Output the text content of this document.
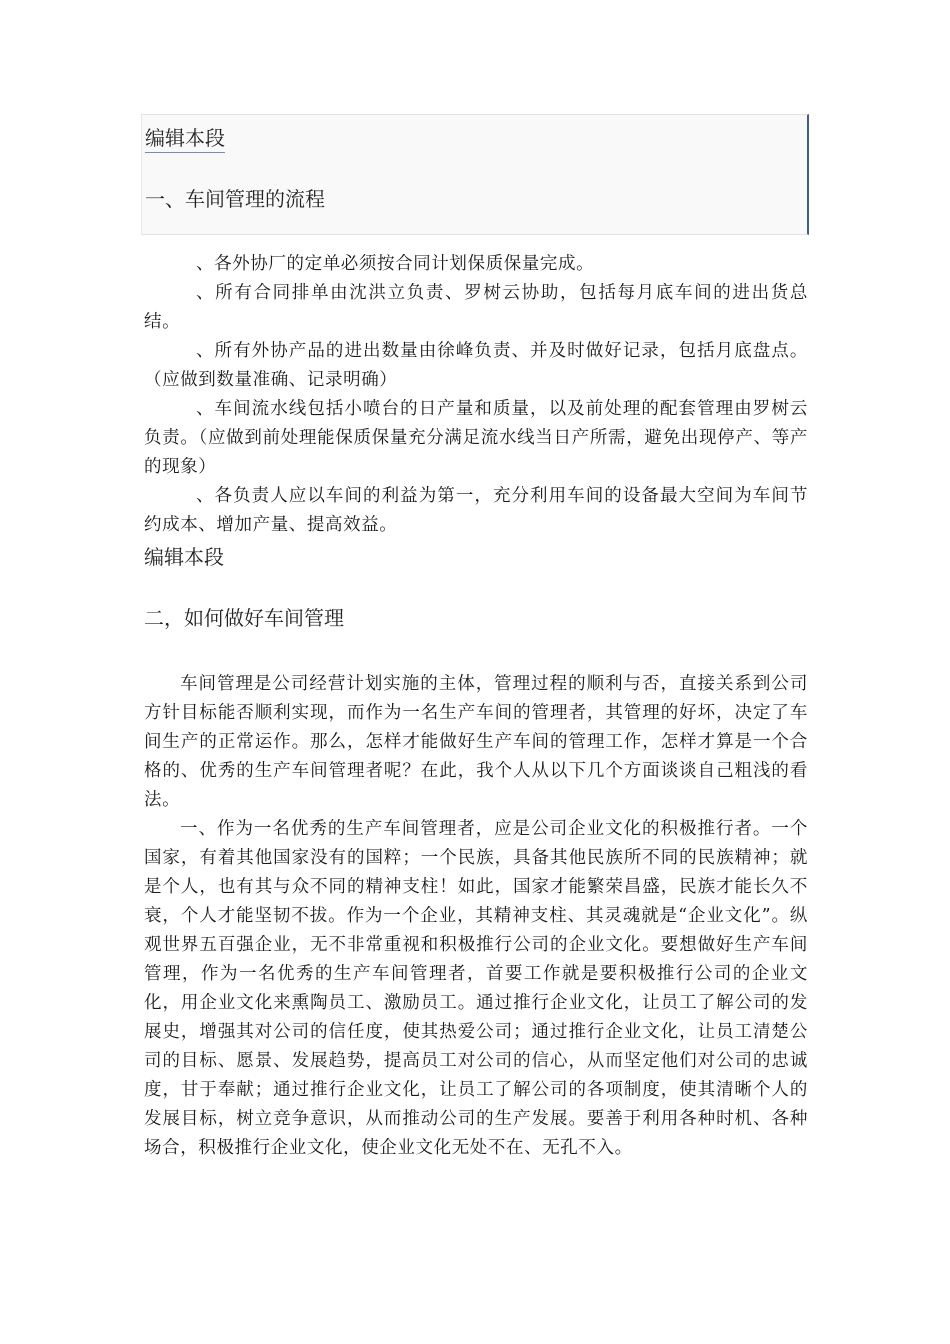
编辑本段
一、车间管理的流程

、各外协厂的定单必须按合同计划保质保量完成。

、所有合同排单由沈洪立负责、罗树云协助，包括每月底车间的进出货总结。

、所有外协产品的进出数量由徐峰负责、并及时做好记录，包括月底盘点。（应做到数量准确、记录明确）

、车间流水线包括小喷台的日产量和质量，以及前处理的配套管理由罗树云负责。（应做到前处理能保质保量充分满足流水线当日产所需，避免出现停产、等产的现象）

、各负责人应以车间的利益为第一，充分利用车间的设备最大空间为车间节约成本、增加产量、提高效益。

编辑本段

二，如何做好车间管理

车间管理是公司经营计划实施的主体，管理过程的顺利与否，直接关系到公司方针目标能否顺利实现，而作为一名生产车间的管理者，其管理的好坏，决定了车间生产的正常运作。那么，怎样才能做好生产车间的管理工作，怎样才算是一个合格的、优秀的生产车间管理者呢？在此，我个人从以下几个方面谈谈自己粗浅的看法。

一、作为一名优秀的生产车间管理者，应是公司企业文化的积极推行者。一个国家，有着其他国家没有的国粹；一个民族，具备其他民族所不同的民族精神；就是个人，也有其与众不同的精神支柱！如此，国家才能繁荣昌盛，民族才能长久不衰，个人才能坚韧不拔。作为一个企业，其精神支柱、其灵魂就是“企业文化”。纵观世界五百强企业，无不非常重视和积极推行公司的企业文化。要想做好生产车间管理，作为一名优秀的生产车间管理者，首要工作就是要积极推行公司的企业文化，用企业文化来熏陶员工、激励员工。通过推行企业文化，让员工了解公司的发展史，增强其对公司的信任度，使其热爱公司；通过推行企业文化，让员工清楚公司的目标、愿景、发展趋势，提高员工对公司的信心，从而坚定他们对公司的忠诚度，甘于奉献；通过推行企业文化，让员工了解公司的各项制度，使其清晰个人的发展目标，树立竞争意识，从而推动公司的生产发展。要善于利用各种时机、各种场合，积极推行企业文化，使企业文化无处不在、无孔不入。
